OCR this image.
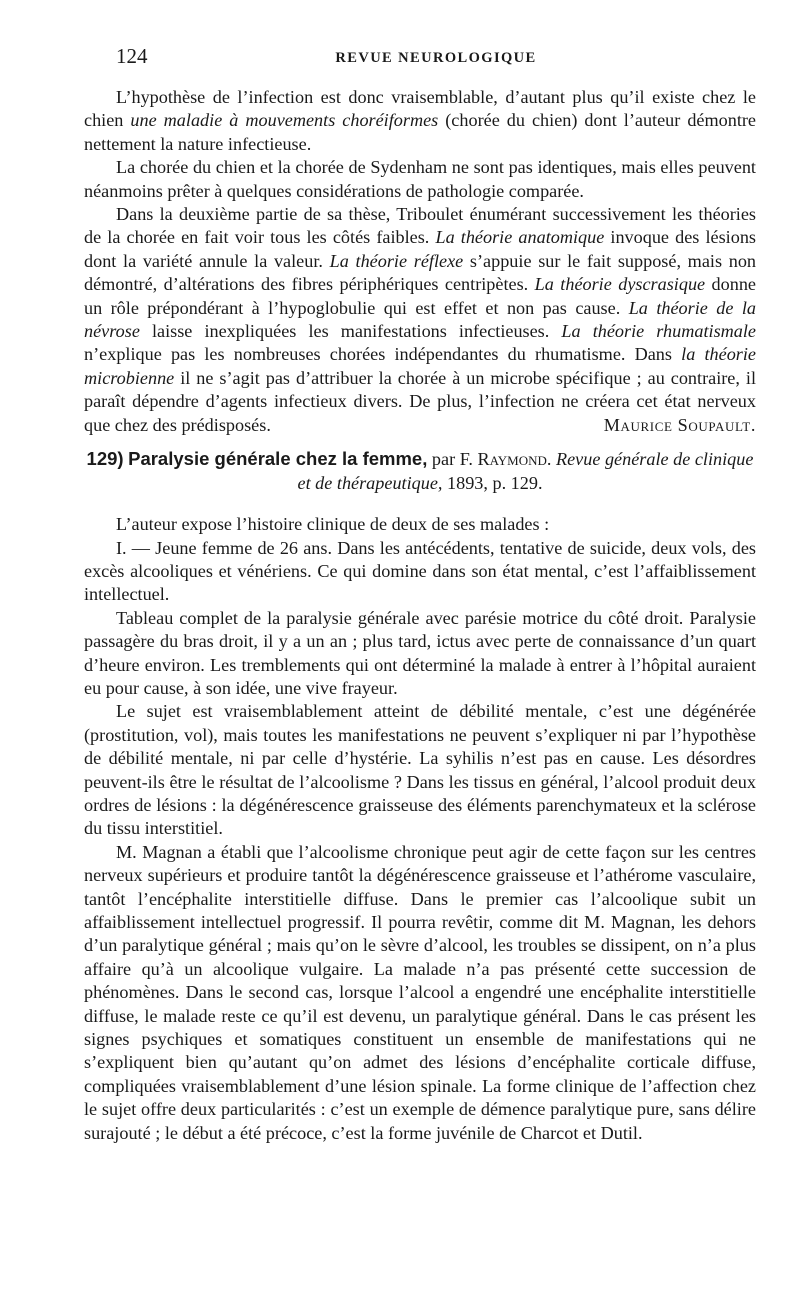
124	REVUE NEUROLOGIQUE

L’hypothèse de l’infection est donc vraisemblable, d’autant plus qu’il existe chez le chien une maladie à mouvements choréiformes (chorée du chien) dont l’auteur démontre nettement la nature infectieuse.

La chorée du chien et la chorée de Sydenham ne sont pas identiques, mais elles peuvent néanmoins prêter à quelques considérations de pathologie comparée.

Dans la deuxième partie de sa thèse, Triboulet énumérant successivement les théories de la chorée en fait voir tous les côtés faibles. La théorie anatomique invoque des lésions dont la variété annule la valeur. La théorie réflexe s’appuie sur le fait supposé, mais non démontré, d’altérations des fibres périphériques centripètes. La théorie dyscrasique donne un rôle prépondérant à l’hypoglobulie qui est effet et non pas cause. La théorie de la névrose laisse inexpliquées les manifestations infectieuses. La théorie rhumatismale n’explique pas les nombreuses chorées indépendantes du rhumatisme. Dans la théorie microbienne il ne s’agit pas d’attribuer la chorée à un microbe spécifique ; au contraire, il paraît dépendre d’agents infectieux divers. De plus, l’infection ne créera cet état nerveux que chez des prédisposés.	Maurice Soupault.

129) Paralysie générale chez la femme, par F. Raymond. Revue générale de clinique et de thérapeutique, 1893, p. 129.

L’auteur expose l’histoire clinique de deux de ses malades :

I. — Jeune femme de 26 ans. Dans les antécédents, tentative de suicide, deux vols, des excès alcooliques et vénériens. Ce qui domine dans son état mental, c’est l’affaiblissement intellectuel.

Tableau complet de la paralysie générale avec parésie motrice du côté droit. Paralysie passagère du bras droit, il y a un an ; plus tard, ictus avec perte de connaissance d’un quart d’heure environ. Les tremblements qui ont déterminé la malade à entrer à l’hôpital auraient eu pour cause, à son idée, une vive frayeur.

Le sujet est vraisemblablement atteint de débilité mentale, c’est une dégénérée (prostitution, vol), mais toutes les manifestations ne peuvent s’expliquer ni par l’hypothèse de débilité mentale, ni par celle d’hystérie. La syhilis n’est pas en cause. Les désordres peuvent-ils être le résultat de l’alcoolisme ? Dans les tissus en général, l’alcool produit deux ordres de lésions : la dégénérescence graisseuse des éléments parenchymateux et la sclérose du tissu interstitiel.

M. Magnan a établi que l’alcoolisme chronique peut agir de cette façon sur les centres nerveux supérieurs et produire tantôt la dégénérescence graisseuse et l’athérome vasculaire, tantôt l’encéphalite interstitielle diffuse. Dans le premier cas l’alcoolique subit un affaiblissement intellectuel progressif. Il pourra revêtir, comme dit M. Magnan, les dehors d’un paralytique général ; mais qu’on le sèvre d’alcool, les troubles se dissipent, on n’a plus affaire qu’à un alcoolique vulgaire. La malade n’a pas présenté cette succession de phénomènes. Dans le second cas, lorsque l’alcool a engendré une encéphalite interstitielle diffuse, le malade reste ce qu’il est devenu, un paralytique général. Dans le cas présent les signes psychiques et somatiques constituent un ensemble de manifestations qui ne s’expliquent bien qu’autant qu’on admet des lésions d’encéphalite corticale diffuse, compliquées vraisemblablement d’une lésion spinale. La forme clinique de l’affection chez le sujet offre deux particularités : c’est un exemple de démence paralytique pure, sans délire surajouté ; le début a été précoce, c’est la forme juvénile de Charcot et Dutil.
